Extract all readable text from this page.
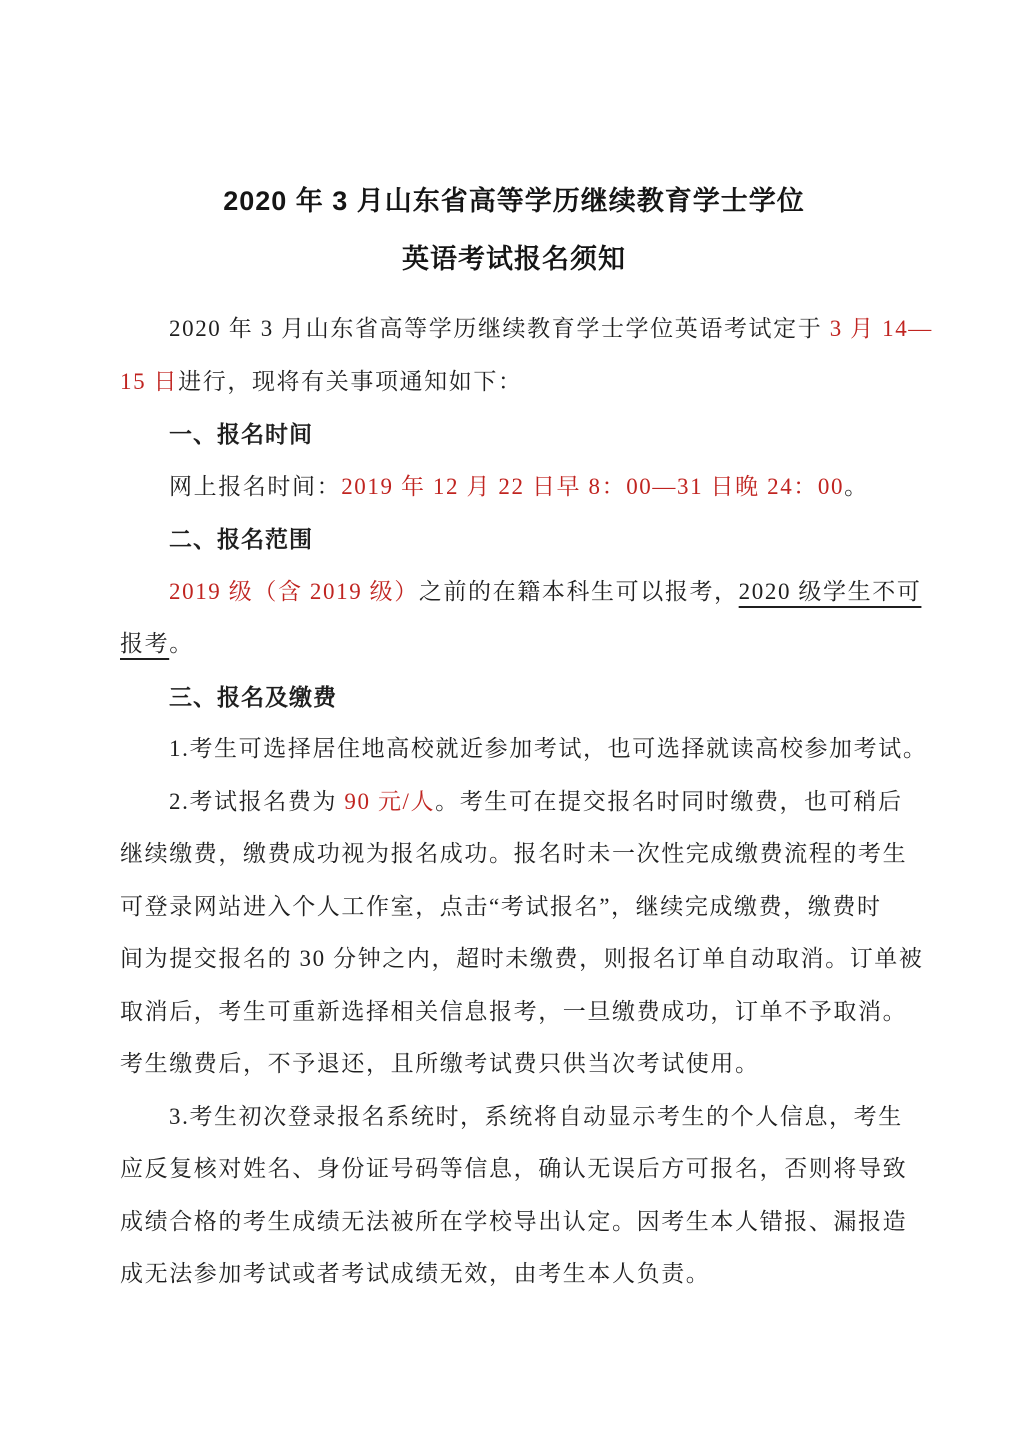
2020 年 3 月山东省高等学历继续教育学士学位
英语考试报名须知
2020 年 3 月山东省高等学历继续教育学士学位英语考试定于 3 月 14—
15 日进行，现将有关事项通知如下：
一、报名时间
网上报名时间：2019 年 12 月 22 日早 8：00—31 日晚 24：00。
二、报名范围
2019 级（含 2019 级）之前的在籍本科生可以报考，2020 级学生不可
报考。
三、报名及缴费
1.考生可选择居住地高校就近参加考试，也可选择就读高校参加考试。
2.考试报名费为 90 元/人。考生可在提交报名时同时缴费，也可稍后
继续缴费，缴费成功视为报名成功。报名时未一次性完成缴费流程的考生
可登录网站进入个人工作室，点击“考试报名”，继续完成缴费，缴费时
间为提交报名的 30 分钟之内，超时未缴费，则报名订单自动取消。订单被
取消后，考生可重新选择相关信息报考，一旦缴费成功，订单不予取消。
考生缴费后，不予退还，且所缴考试费只供当次考试使用。
3.考生初次登录报名系统时，系统将自动显示考生的个人信息，考生
应反复核对姓名、身份证号码等信息，确认无误后方可报名，否则将导致
成绩合格的考生成绩无法被所在学校导出认定。因考生本人错报、漏报造
成无法参加考试或者考试成绩无效，由考生本人负责。
